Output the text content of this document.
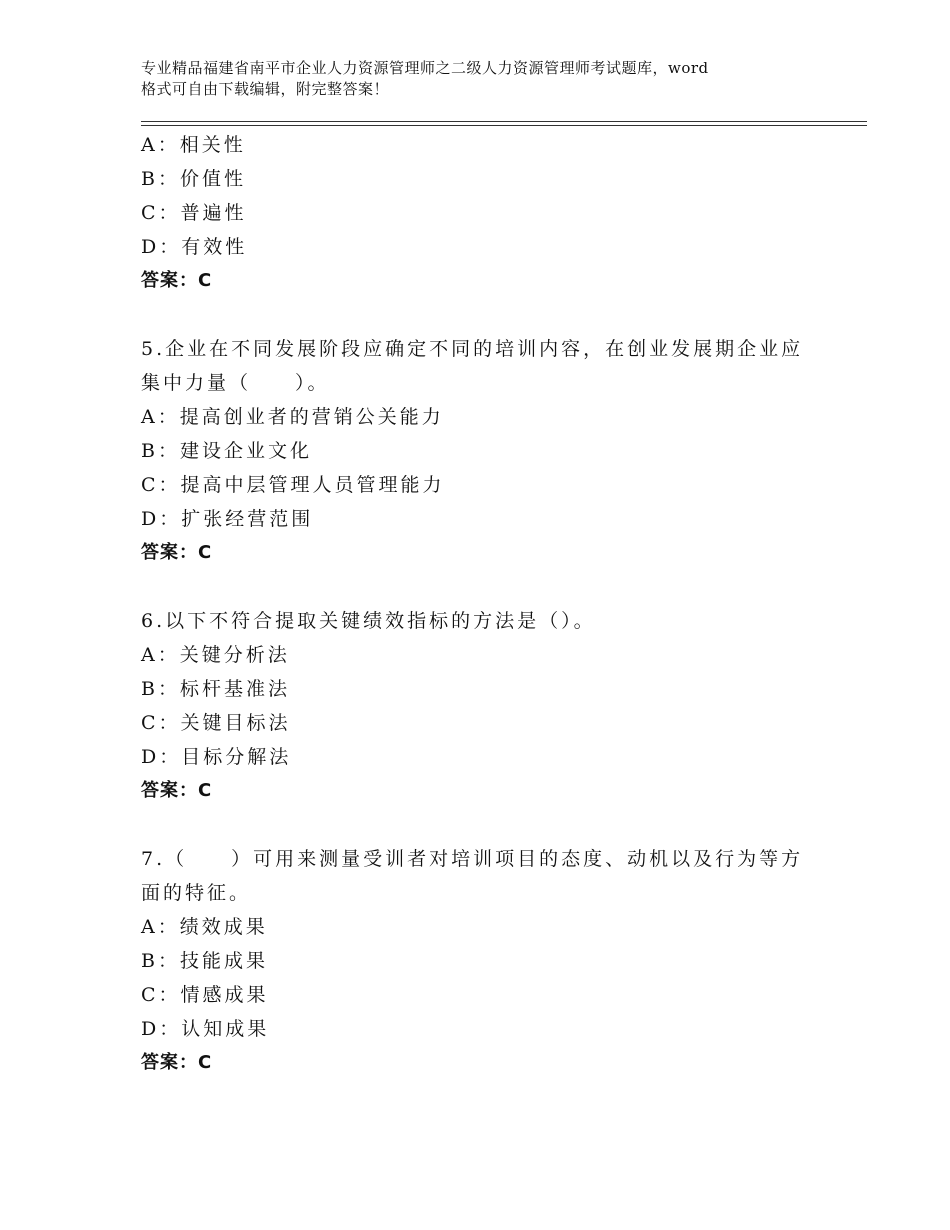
专业精品福建省南平市企业人力资源管理师之二级人力资源管理师考试题库，word
格式可自由下载编辑，附完整答案！
A：相关性
B：价值性
C：普遍性
D：有效性
答案：C
5.企业在不同发展阶段应确定不同的培训内容，在创业发展期企业应
集中力量（　　）。
A：提高创业者的营销公关能力
B：建设企业文化
C：提高中层管理人员管理能力
D：扩张经营范围
答案：C
6.以下不符合提取关键绩效指标的方法是（）。
A：关键分析法
B：标杆基准法
C：关键目标法
D：目标分解法
答案：C
7.（　　）可用来测量受训者对培训项目的态度、动机以及行为等方
面的特征。
A：绩效成果
B：技能成果
C：情感成果
D：认知成果
答案：C
